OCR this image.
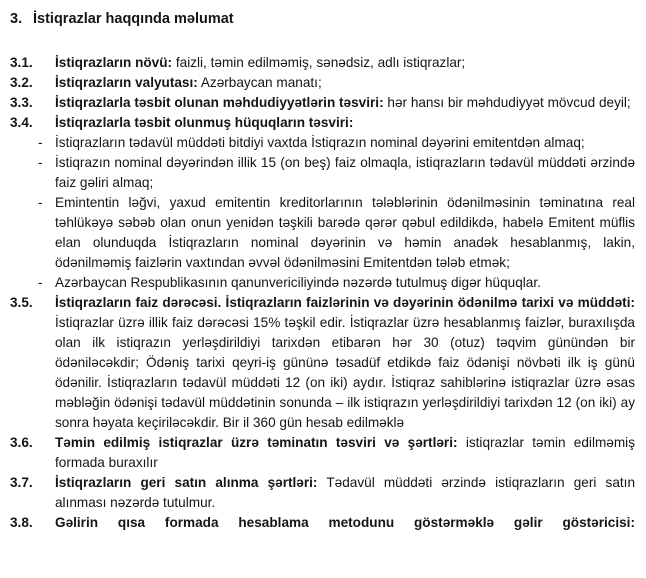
3. İstiqrazlar haqqında məlumat
3.1.	İstiqrazların növü: faizli, təmin edilməmiş, sənədsiz, adlı istiqrazlar;
3.2.	İstiqrazların valyutası: Azərbaycan manatı;
3.3.	İstiqrazlarla təsbit olunan məhdudiyyətlərin təsviri: hər hansı bir məhdudiyyət mövcud deyil;
3.4.	İstiqrazlarla təsbit olunmuş hüquqların təsviri:
- İstiqrazların tədavül müddəti bitdiyi vaxtda İstiqrazın nominal dəyərini emitentdən almaq;
- İstiqrazın nominal dəyərindən illik 15 (on beş) faiz olmaqla, istiqrazların tədavül müddəti ərzində faiz gəliri almaq;
- Emintentin ləğvi, yaxud emitentin kreditorlarının tələblərinin ödənilməsinin təminatına real təhlükəyə səbəb olan onun yenidən təşkili barədə qərər qəbul edildikdə, habelə Emitent müflis elan olunduqda İstiqrazların nominal dəyərinin və həmin anadək hesablanmış, lakin, ödənilməmiş faizlərin vaxtından əvvəl ödənilməsini Emitentdən tələb etmək;
- Azərbaycan Respublikasının qanunvericiliyində nəzərdə tutulmuş digər hüquqlar.
3.5.	İstiqrazların faiz dərəcəsi. İstiqrazların faizlərinin və dəyərinin ödənilmə tarixi və müddəti: İstiqrazlar üzrə illik faiz dərəcəsi 15% təşkil edir. İstiqrazlar üzrə hesablanmış faizlər, buraxılışda olan ilk istiqrazın yerləşdirildiyi tarixdən etibarən hər 30 (otuz) təqvim günündən bir ödəniləcəkdir; Ödəniş tarixi qeyri-iş gününə təsadüf etdikdə faiz ödənişi növbəti ilk iş günü ödənilir. İstiqrazların tədavül müddəti 12 (on iki) aydır. İstiqraz sahiblərinə istiqrazlar üzrə əsas məbləğin ödənişi tədavül müddətinin sonunda – ilk istiqrazın yerləşdirildiyi tarixdən 12 (on iki) ay sonra həyata keçiriləcəkdir. Bir il 360 gün hesab edilməklə
3.6.	Təmin edilmiş istiqrazlar üzrə təminatın təsviri və şərtləri: istiqrazlar təmin edilməmiş formada buraxılır
3.7.	İstiqrazların geri satın alınma şərtləri: Tədavül müddəti ərzində istiqrazların geri satın alınması nəzərdə tutulmur.
3.8.	Gəlirin qısa formada hesablama metodunu göstərməklə gəlir göstəricisi:
